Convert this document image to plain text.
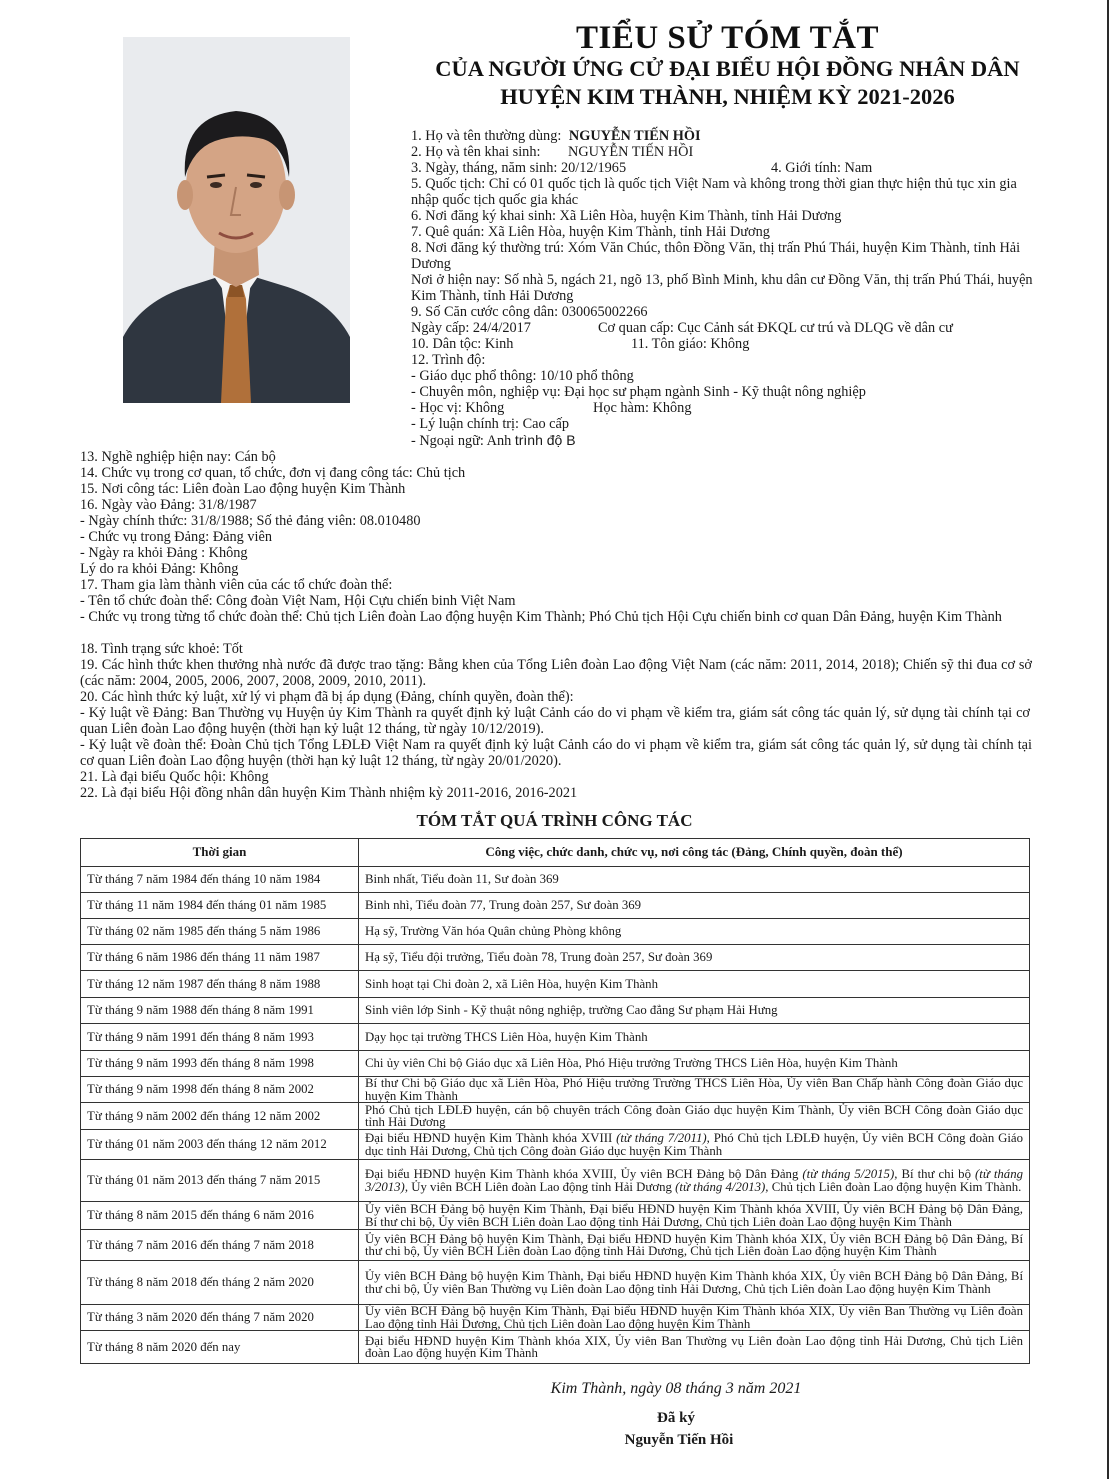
TIỂU SỬ TÓM TẮT
CỦA NGƯỜI ỨNG CỬ ĐẠI BIỂU HỘI ĐỒNG NHÂN DÂN
HUYỆN KIM THÀNH, NHIỆM KỲ 2021-2026
1. Họ và tên thường dùng: NGUYỄN TIẾN HỒI
2. Họ và tên khai sinh: NGUYỄN TIẾN HỒI
3. Ngày, tháng, năm sinh: 20/12/1965	4. Giới tính: Nam
5. Quốc tịch: Chỉ có 01 quốc tịch là quốc tịch Việt Nam và không trong thời gian thực hiện thủ tục xin gia nhập quốc tịch quốc gia khác
6. Nơi đăng ký khai sinh: Xã Liên Hòa, huyện Kim Thành, tỉnh Hải Dương
7. Quê quán: Xã Liên Hòa, huyện Kim Thành, tỉnh Hải Dương
8. Nơi đăng ký thường trú: Xóm Văn Chúc, thôn Đồng Văn, thị trấn Phú Thái, huyện Kim Thành, tỉnh Hải Dương
Nơi ở hiện nay: Số nhà 5, ngách 21, ngõ 13, phố Bình Minh, khu dân cư Đồng Văn, thị trấn Phú Thái, huyện Kim Thành, tỉnh Hải Dương
9. Số Căn cước công dân: 030065002266
Ngày cấp: 24/4/2017	Cơ quan cấp: Cục Cảnh sát ĐKQL cư trú và DLQG về dân cư
10. Dân tộc: Kinh	11. Tôn giáo: Không
12. Trình độ:
- Giáo dục phổ thông: 10/10 phổ thông
- Chuyên môn, nghiệp vụ: Đại học sư phạm ngành Sinh - Kỹ thuật nông nghiệp
- Học vị: Không	Học hàm: Không
- Lý luận chính trị: Cao cấp
- Ngoại ngữ: Anh trình độ B
13. Nghề nghiệp hiện nay: Cán bộ
14. Chức vụ trong cơ quan, tổ chức, đơn vị đang công tác: Chủ tịch
15. Nơi công tác: Liên đoàn Lao động huyện Kim Thành
16. Ngày vào Đảng: 31/8/1987
- Ngày chính thức: 31/8/1988; Số thẻ đảng viên: 08.010480
- Chức vụ trong Đảng: Đảng viên
- Ngày ra khỏi Đảng : Không
Lý do ra khỏi Đảng: Không
17. Tham gia làm thành viên của các tổ chức đoàn thể:
- Tên tổ chức đoàn thể: Công đoàn Việt Nam, Hội Cựu chiến binh Việt Nam
- Chức vụ trong từng tổ chức đoàn thể: Chủ tịch Liên đoàn Lao động huyện Kim Thành; Phó Chủ tịch Hội Cựu chiến binh cơ quan Dân Đảng, huyện Kim Thành
18. Tình trạng sức khoẻ: Tốt
19. Các hình thức khen thưởng nhà nước đã được trao tặng: Bằng khen của Tổng Liên đoàn Lao động Việt Nam (các năm: 2011, 2014, 2018); Chiến sỹ thi đua cơ sở (các năm: 2004, 2005, 2006, 2007, 2008, 2009, 2010, 2011).
20. Các hình thức kỷ luật, xử lý vi phạm đã bị áp dụng (Đảng, chính quyền, đoàn thể):
- Kỷ luật về Đảng: Ban Thường vụ Huyện ủy Kim Thành ra quyết định kỷ luật Cảnh cáo do vi phạm về kiểm tra, giám sát công tác quản lý, sử dụng tài chính tại cơ quan Liên đoàn Lao động huyện (thời hạn kỷ luật 12 tháng, từ ngày 10/12/2019).
- Kỷ luật về đoàn thể: Đoàn Chủ tịch Tổng LĐLĐ Việt Nam ra quyết định kỷ luật Cảnh cáo do vi phạm về kiểm tra, giám sát công tác quản lý, sử dụng tài chính tại cơ quan Liên đoàn Lao động huyện (thời hạn kỷ luật 12 tháng, từ ngày 20/01/2020).
21. Là đại biểu Quốc hội: Không
22. Là đại biểu Hội đồng nhân dân huyện Kim Thành nhiệm kỳ 2011-2016, 2016-2021
TÓM TẮT QUÁ TRÌNH CÔNG TÁC
Thời gian	Công việc, chức danh, chức vụ, nơi công tác (Đảng, Chính quyền, đoàn thể)
Từ tháng 7 năm 1984 đến tháng 10 năm 1984	Binh nhất, Tiểu đoàn 11, Sư đoàn 369
Từ tháng 11 năm 1984 đến tháng 01 năm 1985	Binh nhì, Tiểu đoàn 77, Trung đoàn 257, Sư đoàn 369
Từ tháng 02 năm 1985 đến tháng 5 năm 1986	Hạ sỹ, Trường Văn hóa Quân chủng Phòng không
Từ tháng 6 năm 1986 đến tháng 11 năm 1987	Hạ sỹ, Tiểu đội trưởng, Tiểu đoàn 78, Trung đoàn 257, Sư đoàn 369
Từ tháng 12 năm 1987 đến tháng 8 năm 1988	Sinh hoạt tại Chi đoàn 2, xã Liên Hòa, huyện Kim Thành
Từ tháng 9 năm 1988 đến tháng 8 năm 1991	Sinh viên lớp Sinh - Kỹ thuật nông nghiệp, trường Cao đẳng Sư phạm Hải Hưng
Từ tháng 9 năm 1991 đến tháng 8 năm 1993	Dạy học tại trường THCS Liên Hòa, huyện Kim Thành
Từ tháng 9 năm 1993 đến tháng 8 năm 1998	Chi ủy viên Chi bộ Giáo dục xã Liên Hòa, Phó Hiệu trưởng Trường THCS Liên Hòa, huyện Kim Thành
Từ tháng 9 năm 1998 đến tháng 8 năm 2002	Bí thư Chi bộ Giáo dục xã Liên Hòa, Phó Hiệu trưởng Trường THCS Liên Hòa, Ủy viên Ban Chấp hành Công đoàn Giáo dục huyện Kim Thành
Từ tháng 9 năm 2002 đến tháng 12 năm 2002	Phó Chủ tịch LĐLĐ huyện, cán bộ chuyên trách Công đoàn Giáo dục huyện Kim Thành, Ủy viên BCH Công đoàn Giáo dục tỉnh Hải Dương
Từ tháng 01 năm 2003 đến tháng 12 năm 2012	Đại biểu HĐND huyện Kim Thành khóa XVIII (từ tháng 7/2011), Phó Chủ tịch LĐLĐ huyện, Ủy viên BCH Công đoàn Giáo dục tỉnh Hải Dương, Chủ tịch Công đoàn Giáo dục huyện Kim Thành
Từ tháng 01 năm 2013 đến tháng 7 năm 2015	Đại biểu HĐND huyện Kim Thành khóa XVIII, Ủy viên BCH Đảng bộ Dân Đảng (từ tháng 5/2015), Bí thư chi bộ (từ tháng 3/2013), Ủy viên BCH Liên đoàn Lao động tỉnh Hải Dương (từ tháng 4/2013), Chủ tịch Liên đoàn Lao động huyện Kim Thành.
Từ tháng 8 năm 2015 đến tháng 6 năm 2016	Ủy viên BCH Đảng bộ huyện Kim Thành, Đại biểu HĐND huyện Kim Thành khóa XVIII, Ủy viên BCH Đảng bộ Dân Đảng, Bí thư chi bộ, Ủy viên BCH Liên đoàn Lao động tỉnh Hải Dương, Chủ tịch Liên đoàn Lao động huyện Kim Thành
Từ tháng 7 năm 2016 đến tháng 7 năm 2018	Ủy viên BCH Đảng bộ huyện Kim Thành, Đại biểu HĐND huyện Kim Thành khóa XIX, Ủy viên BCH Đảng bộ Dân Đảng, Bí thư chi bộ, Ủy viên BCH Liên đoàn Lao động tỉnh Hải Dương, Chủ tịch Liên đoàn Lao động huyện Kim Thành
Từ tháng 8 năm 2018 đến tháng 2 năm 2020	Ủy viên BCH Đảng bộ huyện Kim Thành, Đại biểu HĐND huyện Kim Thành khóa XIX, Ủy viên BCH Đảng bộ Dân Đảng, Bí thư chi bộ, Ủy viên Ban Thường vụ Liên đoàn Lao động tỉnh Hải Dương, Chủ tịch Liên đoàn Lao động huyện Kim Thành
Từ tháng 3 năm 2020 đến tháng 7 năm 2020	Ủy viên BCH Đảng bộ huyện Kim Thành, Đại biểu HĐND huyện Kim Thành khóa XIX, Ủy viên Ban Thường vụ Liên đoàn Lao động tỉnh Hải Dương, Chủ tịch Liên đoàn Lao động huyện Kim Thành
Từ tháng 8 năm 2020 đến nay	Đại biểu HĐND huyện Kim Thành khóa XIX, Ủy viên Ban Thường vụ Liên đoàn Lao động tỉnh Hải Dương, Chủ tịch Liên đoàn Lao động huyện Kim Thành
Kim Thành, ngày 08 tháng 3 năm 2021
Đã ký
Nguyễn Tiến Hồi
